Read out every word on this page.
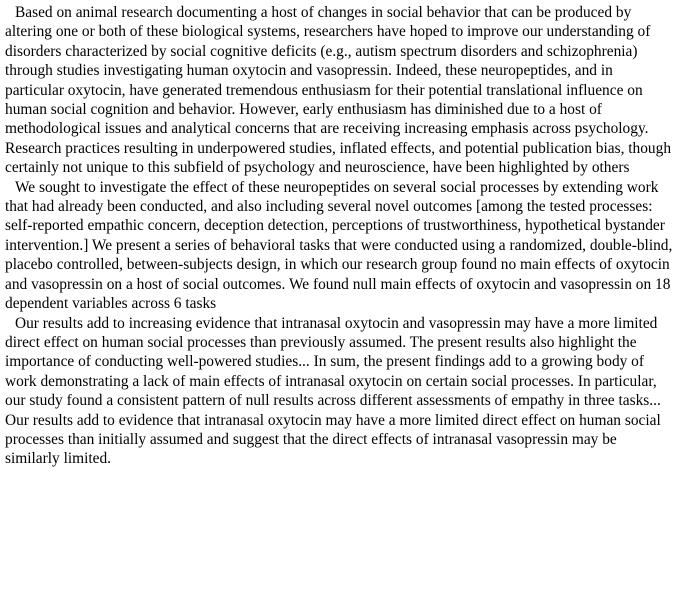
Based on animal research documenting a host of changes in social behavior that can be produced by altering one or both of these biological systems, researchers have hoped to improve our understanding of disorders characterized by social cognitive deficits (e.g., autism spectrum disorders and schizophrenia) through studies investigating human oxytocin and vasopressin. Indeed, these neuropeptides, and in particular oxytocin, have generated tremendous enthusiasm for their potential translational influence on human social cognition and behavior. However, early enthusiasm has diminished due to a host of methodological issues and analytical concerns that are receiving increasing emphasis across psychology. Research practices resulting in underpowered studies, inflated effects, and potential publication bias, though certainly not unique to this subfield of psychology and neuroscience, have been highlighted by others

We sought to investigate the effect of these neuropeptides on several social processes by extending work that had already been conducted, and also including several novel outcomes [among the tested processes: self-reported empathic concern, deception detection, perceptions of trustworthiness, hypothetical bystander intervention.] We present a series of behavioral tasks that were conducted using a randomized, double-blind, placebo controlled, between-subjects design, in which our research group found no main effects of oxytocin and vasopressin on a host of social outcomes. We found null main effects of oxytocin and vasopressin on 18 dependent variables across 6 tasks

Our results add to increasing evidence that intranasal oxytocin and vasopressin may have a more limited direct effect on human social processes than previously assumed. The present results also highlight the importance of conducting well-powered studies... In sum, the present findings add to a growing body of work demonstrating a lack of main effects of intranasal oxytocin on certain social processes. In particular, our study found a consistent pattern of null results across different assessments of empathy in three tasks... Our results add to evidence that intranasal oxytocin may have a more limited direct effect on human social processes than initially assumed and suggest that the direct effects of intranasal vasopressin may be similarly limited.
